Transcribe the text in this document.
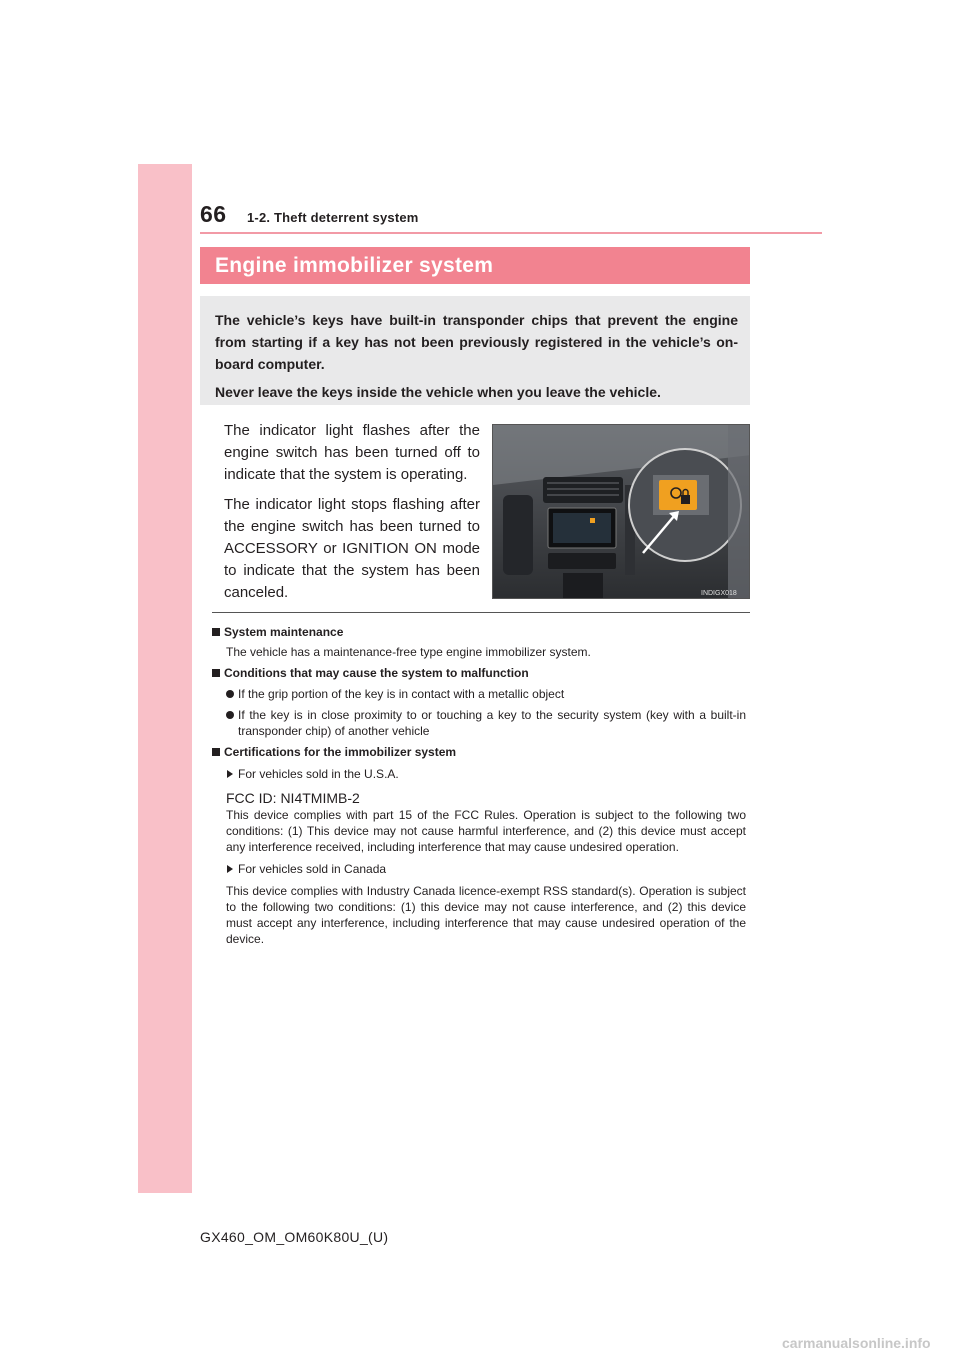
66 1-2. Theft deterrent system
Engine immobilizer system

The vehicle’s keys have built-in transponder chips that prevent the engine from starting if a key has not been previously registered in the vehicle’s on-board computer.

Never leave the keys inside the vehicle when you leave the vehicle.

The indicator light flashes after the engine switch has been turned off to indicate that the system is operating.

The indicator light stops flashing after the engine switch has been turned to ACCESSORY or IGNITION ON mode to indicate that the system has been canceled.	INDIGX018
System maintenance
The vehicle has a maintenance-free type engine immobilizer system.
Conditions that may cause the system to malfunction
If the grip portion of the key is in contact with a metallic object
If the key is in close proximity to or touching a key to the security system (key with a built-in transponder chip) of another vehicle
Certifications for the immobilizer system
For vehicles sold in the U.S.A.
FCC ID: NI4TMIMB-2
This device complies with part 15 of the FCC Rules. Operation is subject to the following two conditions: (1) This device may not cause harmful interference, and (2) this device must accept any interference received, including interference that may cause undesired operation.
For vehicles sold in Canada
This device complies with Industry Canada licence-exempt RSS standard(s). Operation is subject to the following two conditions: (1) this device may not cause interference, and (2) this device must accept any interference, including interference that may cause undesired operation of the device.
GX460_OM_OM60K80U_(U)
carmanualsonline.info
